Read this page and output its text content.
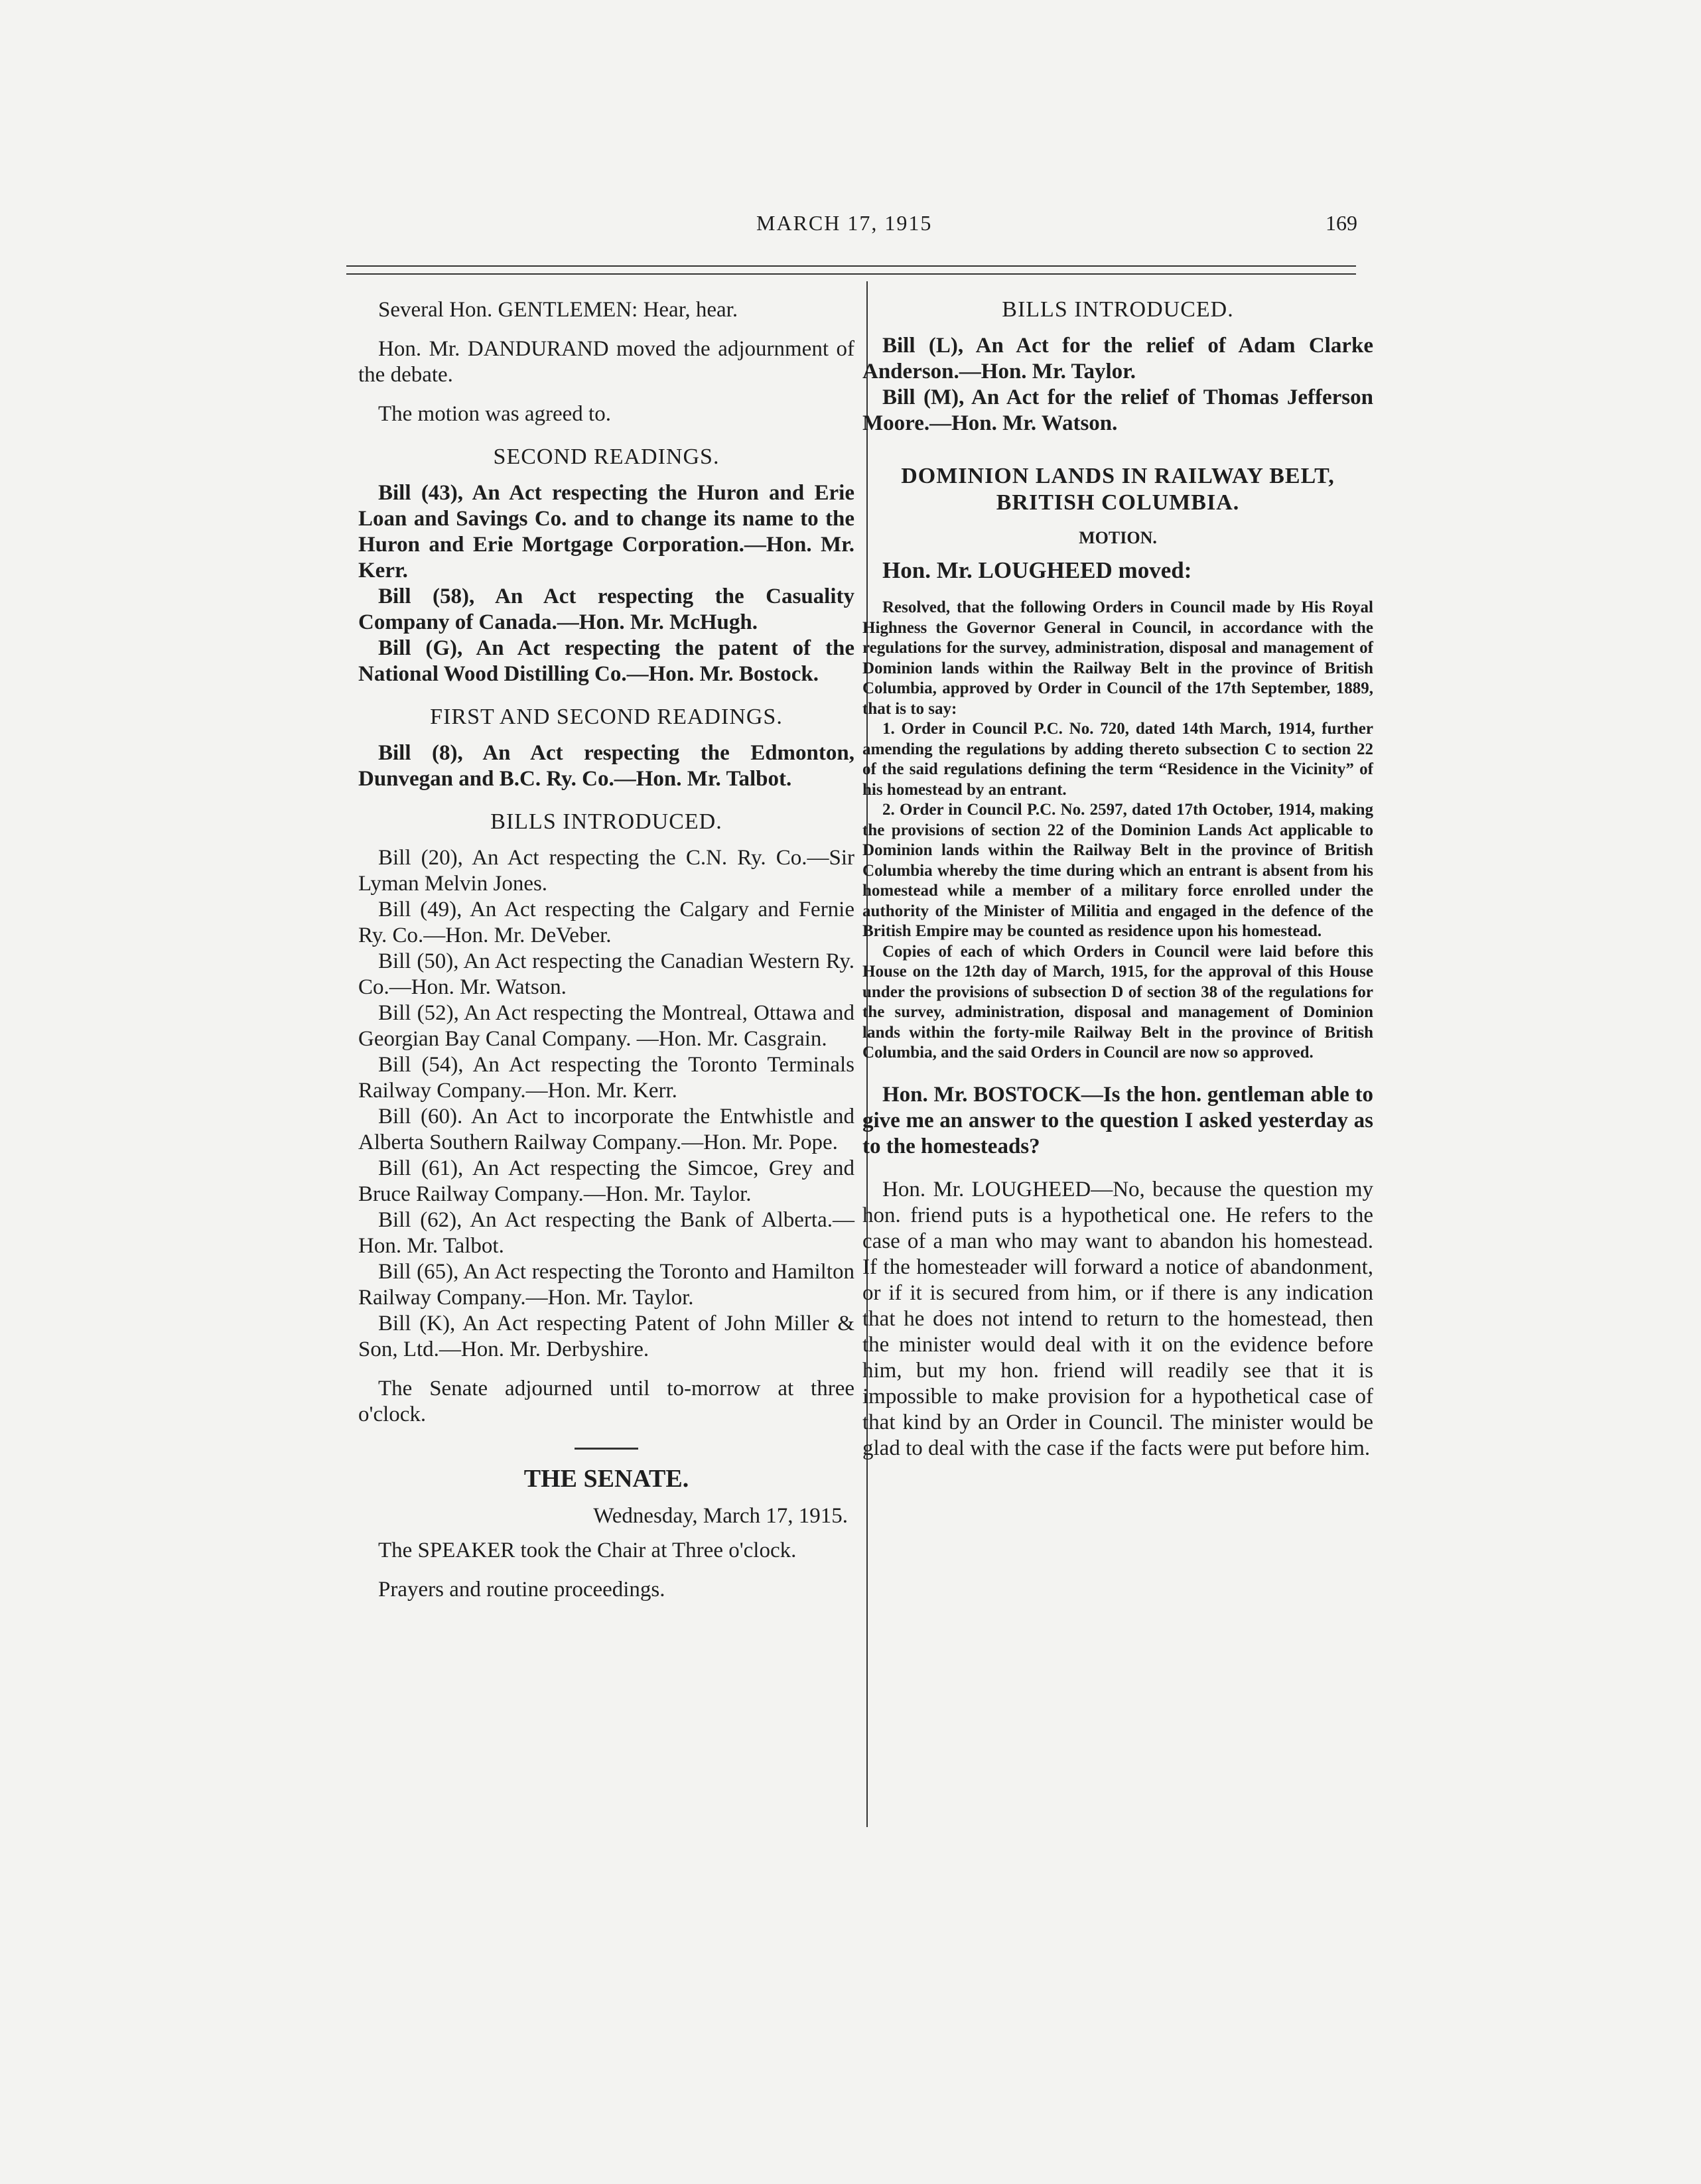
MARCH 17, 1915	169

Several Hon. GENTLEMEN: Hear, hear.

Hon. Mr. DANDURAND moved the adjournment of the debate.

The motion was agreed to.

SECOND READINGS.

Bill (43), An Act respecting the Huron and Erie Loan and Savings Co. and to change its name to the Huron and Erie Mortgage Corporation.—Hon. Mr. Kerr.

Bill (58), An Act respecting the Casuality Company of Canada.—Hon. Mr. McHugh.

Bill (G), An Act respecting the patent of the National Wood Distilling Co.—Hon. Mr. Bostock.

FIRST AND SECOND READINGS.

Bill (8), An Act respecting the Edmonton, Dunvegan and B.C. Ry. Co.—Hon. Mr. Talbot.

BILLS INTRODUCED.

Bill (20), An Act respecting the C.N. Ry. Co.—Sir Lyman Melvin Jones.

Bill (49), An Act respecting the Calgary and Fernie Ry. Co.—Hon. Mr. DeVeber.

Bill (50), An Act respecting the Canadian Western Ry. Co.—Hon. Mr. Watson.

Bill (52), An Act respecting the Montreal, Ottawa and Georgian Bay Canal Company. —Hon. Mr. Casgrain.

Bill (54), An Act respecting the Toronto Terminals Railway Company.—Hon. Mr. Kerr.

Bill (60). An Act to incorporate the Entwhistle and Alberta Southern Railway Company.—Hon. Mr. Pope.

Bill (61), An Act respecting the Simcoe, Grey and Bruce Railway Company.—Hon. Mr. Taylor.

Bill (62), An Act respecting the Bank of Alberta.—Hon. Mr. Talbot.

Bill (65), An Act respecting the Toronto and Hamilton Railway Company.—Hon. Mr. Taylor.

Bill (K), An Act respecting Patent of John Miller & Son, Ltd.—Hon. Mr. Derbyshire.

The Senate adjourned until to-morrow at three o'clock.

THE SENATE.
Wednesday, March 17, 1915.

The SPEAKER took the Chair at Three o'clock.

Prayers and routine proceedings.

BILLS INTRODUCED.

Bill (L), An Act for the relief of Adam Clarke Anderson.—Hon. Mr. Taylor.

Bill (M), An Act for the relief of Thomas Jefferson Moore.—Hon. Mr. Watson.

DOMINION LANDS IN RAILWAY BELT, BRITISH COLUMBIA.
MOTION.

Hon. Mr. LOUGHEED moved:

Resolved, that the following Orders in Council made by His Royal Highness the Governor General in Council, in accordance with the regulations for the survey, administration, disposal and management of Dominion lands within the Railway Belt in the province of British Columbia, approved by Order in Council of the 17th September, 1889, that is to say:

1. Order in Council P.C. No. 720, dated 14th March, 1914, further amending the regulations by adding thereto subsection C to section 22 of the said regulations defining the term “Residence in the Vicinity” of his homestead by an entrant.

2. Order in Council P.C. No. 2597, dated 17th October, 1914, making the provisions of section 22 of the Dominion Lands Act applicable to Dominion lands within the Railway Belt in the province of British Columbia whereby the time during which an entrant is absent from his homestead while a member of a military force enrolled under the authority of the Minister of Militia and engaged in the defence of the British Empire may be counted as residence upon his homestead.

Copies of each of which Orders in Council were laid before this House on the 12th day of March, 1915, for the approval of this House under the provisions of subsection D of section 38 of the regulations for the survey, administration, disposal and management of Dominion lands within the forty-mile Railway Belt in the province of British Columbia, and the said Orders in Council are now so approved.

Hon. Mr. BOSTOCK—Is the hon. gentleman able to give me an answer to the question I asked yesterday as to the homesteads?

Hon. Mr. LOUGHEED—No, because the question my hon. friend puts is a hypothetical one. He refers to the case of a man who may want to abandon his homestead. If the homesteader will forward a notice of abandonment, or if it is secured from him, or if there is any indication that he does not intend to return to the homestead, then the minister would deal with it on the evidence before him, but my hon. friend will readily see that it is impossible to make provision for a hypothetical case of that kind by an Order in Council. The minister would be glad to deal with the case if the facts were put before him.
